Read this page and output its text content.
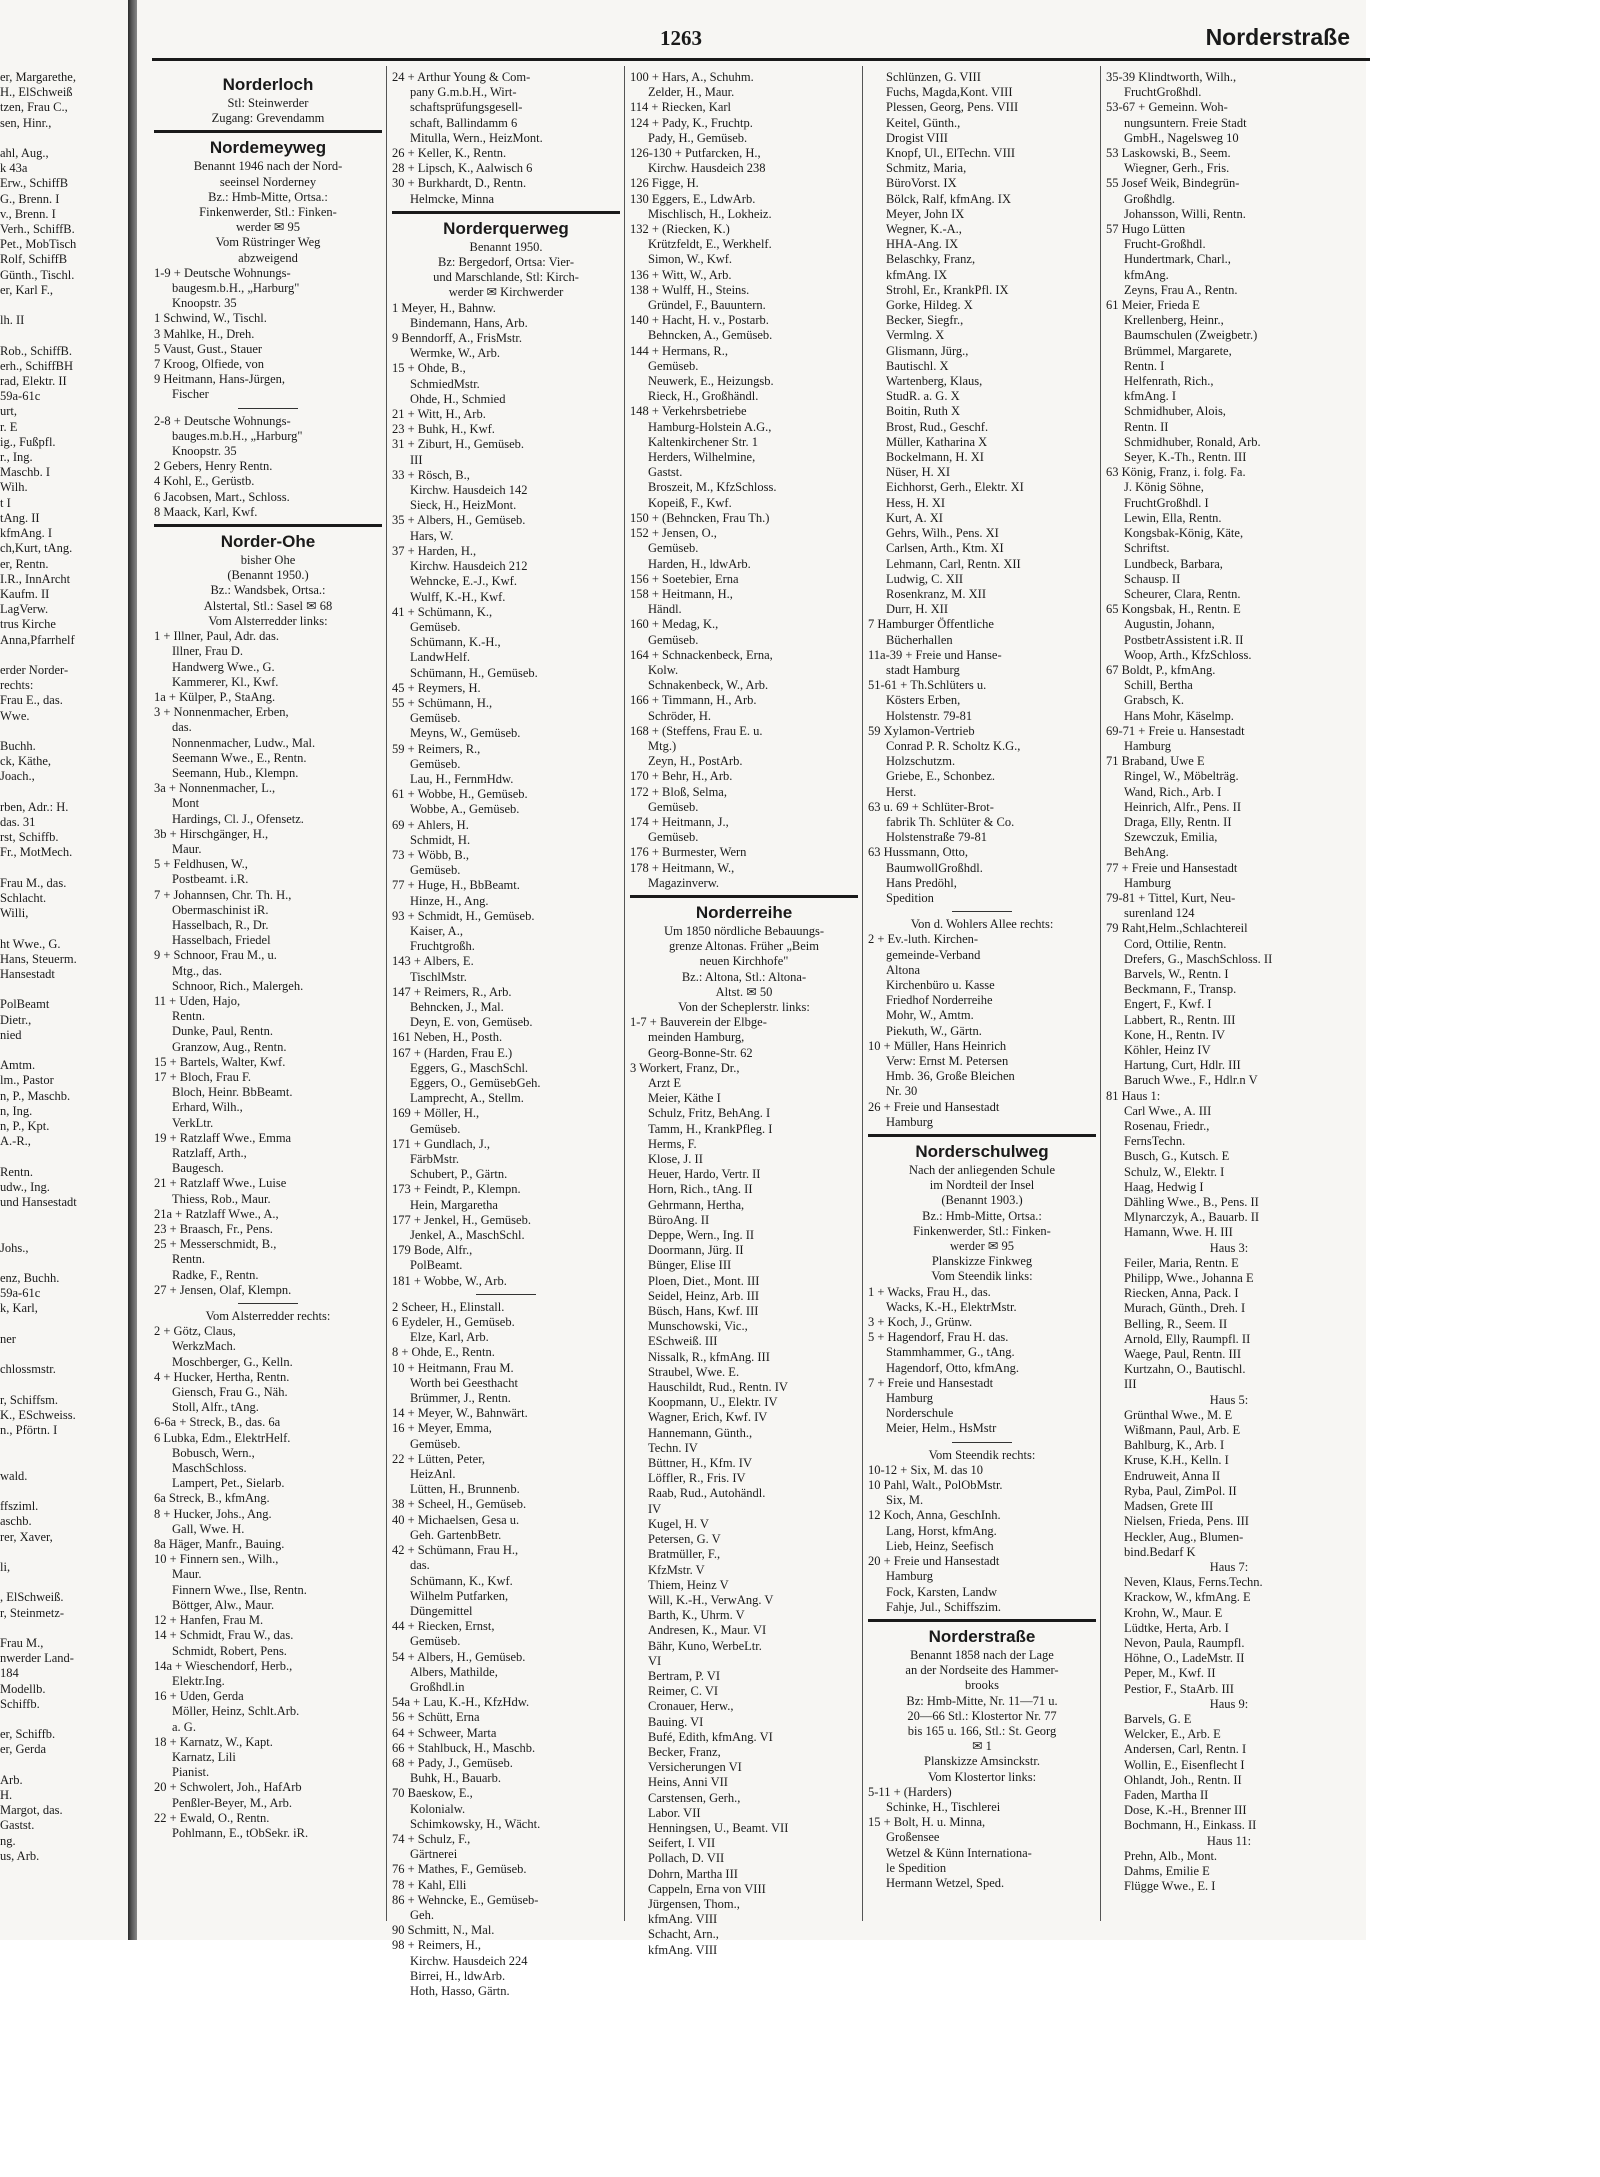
er, Margarethe,
H., ElSchweiß
tzen, Frau C.,
sen, Hinr.,

ahl, Aug.,
k 43a
Erw., SchiffB
G., Brenn. I
v., Brenn. I
Verh., SchiffB.
Pet., MobTisch
Rolf, SchiffB
Günth., Tischl.
er, Karl F.,

lh. II

Rob., SchiffB.
erh., SchiffBH
rad, Elektr. II
59a-61c
urt,
r. E
ig., Fußpfl.
r., Ing.
Maschb. I
Wilh.
t I
tAng. II
kfmAng. I
ch,Kurt, tAng.
er, Rentn.
I.R., InnArcht
Kaufm. II
LagVerw.
trus Kirche
Anna,Pfarrhelf

erder Norder-
rechts:
Frau E., das.
Wwe.

Buchh.
ck, Käthe,
Joach.,

rben, Adr.: H.
das. 31
rst, Schiffb.
Fr., MotMech.

Frau M., das.
Schlacht.
Willi,

ht Wwe., G.
Hans, Steuerm.
Hansestadt

PolBeamt
Dietr.,
nied

Amtm.
lm., Pastor
n, P., Maschb.
n, Ing.
n, P., Kpt.
A.-R.,

Rentn.
udw., Ing.
und Hansestadt

Johs.,

enz, Buchh.
59a-61c
k, Karl,

ner

chlossmstr.

r, Schiffsm.
K., ESchweiss.
n., Pförtn. I

wald.

ffsziml.
aschb.
rer, Xaver,

li,

, ElSchweiß.
r, Steinmetz-

Frau M.,
nwerder Land-
184
Modellb.
Schiffb.

er, Schiffb.
er, Gerda

Arb.
H.
Margot, das.
Gastst.
ng.
us, Arb.
1263	Norderstraße
Norderloch
Stl: Steinwerder
Zugang: Grevendamm
Nordemeyweg
Benannt 1946 nach der Nord-
seeinsel Norderney
Bz.: Hmb-Mitte, Ortsa.:
Finkenwerder, Stl.: Finken-
werder ✉ 95
Vom Rüstringer Weg
abzweigend
1-9 + Deutsche Wohnungs-
baugesm.b.H., „Harburg"
Knoopstr. 35
1 Schwind, W., Tischl.
3 Mahlke, H., Dreh.
5 Vaust, Gust., Stauer
7 Kroog, Olfiede, von
9 Heitmann, Hans-Jürgen,
Fischer
2-8 + Deutsche Wohnungs-
bauges.m.b.H., „Harburg"
Knoopstr. 35
2 Gebers, Henry Rentn.
4 Kohl, E., Gerüstb.
6 Jacobsen, Mart., Schloss.
8 Maack, Karl, Kwf.
Norder-Ohe
bisher Ohe
(Benannt 1950.)
Bz.: Wandsbek, Ortsa.:
Alstertal, Stl.: Sasel ✉ 68
Vom Alsterredder links:
1 + Illner, Paul, Adr. das.
Illner, Frau D.
Handwerg Wwe., G.
Kammerer, Kl., Kwf.
1a + Külper, P., StaAng.
3 + Nonnenmacher, Erben,
das.
Nonnenmacher, Ludw., Mal.
Seemann Wwe., E., Rentn.
Seemann, Hub., Klempn.
3a + Nonnenmacher, L.,
Mont
Hardings, Cl. J., Ofensetz.
3b + Hirschgänger, H.,
Maur.
5 + Feldhusen, W.,
Postbeamt. i.R.
7 + Johannsen, Chr. Th. H.,
Obermaschinist iR.
Hasselbach, R., Dr.
Hasselbach, Friedel
9 + Schnoor, Frau M., u.
Mtg., das.
Schnoor, Rich., Malergeh.
11 + Uden, Hajo,
Rentn.
Dunke, Paul, Rentn.
Granzow, Aug., Rentn.
15 + Bartels, Walter, Kwf.
17 + Bloch, Frau F.
Bloch, Heinr. BbBeamt.
Erhard, Wilh.,
VerkLtr.
19 + Ratzlaff Wwe., Emma
Ratzlaff, Arth.,
Baugesch.
21 + Ratzlaff Wwe., Luise
Thiess, Rob., Maur.
21a + Ratzlaff Wwe., A.,
23 + Braasch, Fr., Pens.
25 + Messerschmidt, B.,
Rentn.
Radke, F., Rentn.
27 + Jensen, Olaf, Klempn.
Vom Alsterredder rechts:
2 + Götz, Claus,
WerkzMach.
Moschberger, G., Kelln.
4 + Hucker, Hertha, Rentn.
Giensch, Frau G., Näh.
Stoll, Alfr., tAng.
6-6a + Streck, B., das. 6a
6 Lubka, Edm., ElektrHelf.
Bobusch, Wern.,
MaschSchloss.
Lampert, Pet., Sielarb.
6a Streck, B., kfmAng.
8 + Hucker, Johs., Ang.
Gall, Wwe. H.
8a Häger, Manfr., Bauing.
10 + Finnern sen., Wilh.,
Maur.
Finnern Wwe., Ilse, Rentn.
Böttger, Alw., Maur.
12 + Hanfen, Frau M.
14 + Schmidt, Frau W., das.
Schmidt, Robert, Pens.
14a + Wieschendorf, Herb.,
Elektr.Ing.
16 + Uden, Gerda
Möller, Heinz, Schlt.Arb.
a. G.
18 + Karnatz, W., Kapt.
Karnatz, Lili
Pianist.
20 + Schwolert, Joh., HafArb
Penßler-Beyer, M., Arb.
22 + Ewald, O., Rentn.
Pohlmann, E., tObSekr. iR.
24 + Arthur Young & Com-
pany G.m.b.H., Wirt-
schaftsprüfungsgesell-
schaft, Ballindamm 6
Mitulla, Wern., HeizMont.
26 + Keller, K., Rentn.
28 + Lipsch, K., Aalwisch 6
30 + Burkhardt, D., Rentn.
Helmcke, Minna
Norderquerweg
Benannt 1950.
Bz: Bergedorf, Ortsa: Vier-
und Marschlande, Stl: Kirch-
werder ✉ Kirchwerder
1 Meyer, H., Bahnw.
Bindemann, Hans, Arb.
9 Benndorff, A., FrisMstr.
Wermke, W., Arb.
15 + Ohde, B.,
SchmiedMstr.
Ohde, H., Schmied
21 + Witt, H., Arb.
23 + Buhk, H., Kwf.
31 + Ziburt, H., Gemüseb.
III
33 + Rösch, B.,
Kirchw. Hausdeich 142
Sieck, H., HeizMont.
35 + Albers, H., Gemüseb.
Hars, W.
37 + Harden, H.,
Kirchw. Hausdeich 212
Wehncke, E.-J., Kwf.
Wulff, K.-H., Kwf.
41 + Schümann, K.,
Gemüseb.
Schümann, K.-H.,
LandwHelf.
Schümann, H., Gemüseb.
45 + Reymers, H.
55 + Schümann, H.,
Gemüseb.
Meyns, W., Gemüseb.
59 + Reimers, R.,
Gemüseb.
Lau, H., FernmHdw.
61 + Wobbe, H., Gemüseb.
Wobbe, A., Gemüseb.
69 + Ahlers, H.
Schmidt, H.
73 + Wöbb, B.,
Gemüseb.
77 + Huge, H., BbBeamt.
Hinze, H., Ang.
93 + Schmidt, H., Gemüseb.
Kaiser, A.,
Fruchtgroßh.
143 + Albers, E.
TischlMstr.
147 + Reimers, R., Arb.
Behncken, J., Mal.
Deyn, E. von, Gemüseb.
161 Neben, H., Posth.
167 + (Harden, Frau E.)
Eggers, G., MaschSchl.
Eggers, O., GemüsebGeh.
Lamprecht, A., Stellm.
169 + Möller, H.,
Gemüseb.
171 + Gundlach, J.,
FärbMstr.
Schubert, P., Gärtn.
173 + Feindt, P., Klempn.
Hein, Margaretha
177 + Jenkel, H., Gemüseb.
Jenkel, A., MaschSchl.
179 Bode, Alfr.,
PolBeamt.
181 + Wobbe, W., Arb.
2 Scheer, H., Elinstall.
6 Eydeler, H., Gemüseb.
Elze, Karl, Arb.
8 + Ohde, E., Rentn.
10 + Heitmann, Frau M.
Worth bei Geesthacht
Brümmer, J., Rentn.
14 + Meyer, W., Bahnwärt.
16 + Meyer, Emma,
Gemüseb.
22 + Lütten, Peter,
HeizAnl.
Lütten, H., Brunnenb.
38 + Scheel, H., Gemüseb.
40 + Michaelsen, Gesa u.
Geh. GartenbBetr.
42 + Schümann, Frau H.,
das.
Schümann, K., Kwf.
Wilhelm Putfarken,
Düngemittel
44 + Riecken, Ernst,
Gemüseb.
54 + Albers, H., Gemüseb.
Albers, Mathilde,
Großhdl.in
54a + Lau, K.-H., KfzHdw.
56 + Schütt, Erna
64 + Schweer, Marta
66 + Stahlbuck, H., Maschb.
68 + Pady, J., Gemüseb.
Buhk, H., Bauarb.
70 Baeskow, E.,
Kolonialw.
Schimkowsky, H., Wächt.
74 + Schulz, F.,
Gärtnerei
76 + Mathes, F., Gemüseb.
78 + Kahl, Elli
86 + Wehncke, E., Gemüseb-
Geh.
90 Schmitt, N., Mal.
98 + Reimers, H.,
Kirchw. Hausdeich 224
Birrei, H., ldwArb.
Hoth, Hasso, Gärtn.
100 + Hars, A., Schuhm.
Zelder, H., Maur.
114 + Riecken, Karl
124 + Pady, K., Fruchtp.
Pady, H., Gemüseb.
126-130 + Putfarcken, H.,
Kirchw. Hausdeich 238
126 Figge, H.
130 Eggers, E., LdwArb.
Mischlisch, H., Lokheiz.
132 + (Riecken, K.)
Krützfeldt, E., Werkhelf.
Simon, W., Kwf.
136 + Witt, W., Arb.
138 + Wulff, H., Steins.
Gründel, F., Bauuntern.
140 + Hacht, H. v., Postarb.
Behncken, A., Gemüseb.
144 + Hermans, R.,
Gemüseb.
Neuwerk, E., Heizungsb.
Rieck, H., Großhändl.
148 + Verkehrsbetriebe
Hamburg-Holstein A.G.,
Kaltenkirchener Str. 1
Herders, Wilhelmine,
Gastst.
Broszeit, M., KfzSchloss.
Kopeiß, F., Kwf.
150 + (Behncken, Frau Th.)
152 + Jensen, O.,
Gemüseb.
Harden, H., ldwArb.
156 + Soetebier, Erna
158 + Heitmann, H.,
Händl.
160 + Medag, K.,
Gemüseb.
164 + Schnackenbeck, Erna,
Kolw.
Schnakenbeck, W., Arb.
166 + Timmann, H., Arb.
Schröder, H.
168 + (Steffens, Frau E. u.
Mtg.)
Zeyn, H., PostArb.
170 + Behr, H., Arb.
172 + Bloß, Selma,
Gemüseb.
174 + Heitmann, J.,
Gemüseb.
176 + Burmester, Wern
178 + Heitmann, W.,
Magazinverw.
Norderreihe
Um 1850 nördliche Bebauungs-
grenze Altonas. Früher „Beim
neuen Kirchhofe"
Bz.: Altona, Stl.: Altona-
Altst. ✉ 50
Von der Scheplerstr. links:
1-7 + Bauverein der Elbge-
meinden Hamburg,
Georg-Bonne-Str. 62
3 Workert, Franz, Dr.,
Arzt E
Meier, Käthe I
Schulz, Fritz, BehAng. I
Tamm, H., KrankPfleg. I
Herms, F.
Klose, J. II
Heuer, Hardo, Vertr. II
Horn, Rich., tAng. II
Gehrmann, Hertha,
BüroAng. II
Deppe, Wern., Ing. II
Doormann, Jürg. II
Bünger, Elise III
Ploen, Diet., Mont. III
Seidel, Heinz, Arb. III
Büsch, Hans, Kwf. III
Munschowski, Vic.,
ESchweiß. III
Nissalk, R., kfmAng. III
Straubel, Wwe. E.
Hauschildt, Rud., Rentn. IV
Koopmann, U., Elektr. IV
Wagner, Erich, Kwf. IV
Hannemann, Günth.,
Techn. IV
Büttner, H., Kfm. IV
Löffler, R., Fris. IV
Raab, Rud., Autohändl.
IV
Kugel, H. V
Petersen, G. V
Bratmüller, F.,
KfzMstr. V
Thiem, Heinz V
Will, K.-H., VerwAng. V
Barth, K., Uhrm. V
Andresen, K., Maur. VI
Bähr, Kuno, WerbeLtr.
VI
Bertram, P. VI
Reimer, C. VI
Cronauer, Herw.,
Bauing. VI
Bufé, Edith, kfmAng. VI
Becker, Franz,
Versicherungen VI
Heins, Anni VII
Carstensen, Gerh.,
Labor. VII
Henningsen, U., Beamt. VII
Seifert, I. VII
Pollach, D. VII
Dohrn, Martha III
Cappeln, Erna von VIII
Jürgensen, Thom.,
kfmAng. VIII
Schacht, Arn.,
kfmAng. VIII
Schlünzen, G. VIII
Fuchs, Magda,Kont. VIII
Plessen, Georg, Pens. VIII
Keitel, Günth.,
Drogist VIII
Knopf, Ul., ElTechn. VIII
Schmitz, Maria,
BüroVorst. IX
Bölck, Ralf, kfmAng. IX
Meyer, John IX
Wegner, K.-A.,
HHA-Ang. IX
Belaschky, Franz,
kfmAng. IX
Strohl, Er., KrankPfl. IX
Gorke, Hildeg. X
Becker, Siegfr.,
Vermlng. X
Glismann, Jürg.,
Bautischl. X
Wartenberg, Klaus,
StudR. a. G. X
Boitin, Ruth X
Brost, Rud., Geschf.
Müller, Katharina X
Bockelmann, H. XI
Nüser, H. XI
Eichhorst, Gerh., Elektr. XI
Hess, H. XI
Kurt, A. XI
Gehrs, Wilh., Pens. XI
Carlsen, Arth., Ktm. XI
Lehmann, Carl, Rentn. XII
Ludwig, C. XII
Rosenkranz, M. XII
Durr, H. XII
7 Hamburger Öffentliche
Bücherhallen
11a-39 + Freie und Hanse-
stadt Hamburg
51-61 + Th.Schlüters u.
Kösters Erben,
Holstenstr. 79-81
59 Xylamon-Vertrieb
Conrad P. R. Scholtz K.G.,
Holzschutzm.
Griebe, E., Schonbez.
Herst.
63 u. 69 + Schlüter-Brot-
fabrik Th. Schlüter & Co.
Holstenstraße 79-81
63 Hussmann, Otto,
BaumwollGroßhdl.
Hans Predöhl,
Spedition
Von d. Wohlers Allee rechts:
2 + Ev.-luth. Kirchen-
gemeinde-Verband
Altona
Kirchenbüro u. Kasse
Friedhof Norderreihe
Mohr, W., Amtm.
Piekuth, W., Gärtn.
10 + Müller, Hans Heinrich
Verw: Ernst M. Petersen
Hmb. 36, Große Bleichen
Nr. 30
26 + Freie und Hansestadt
Hamburg
Norderschulweg
Nach der anliegenden Schule
im Nordteil der Insel
(Benannt 1903.)
Bz.: Hmb-Mitte, Ortsa.:
Finkenwerder, Stl.: Finken-
werder ✉ 95
Planskizze Finkweg
Vom Steendik links:
1 + Wacks, Frau H., das.
Wacks, K.-H., ElektrMstr.
3 + Koch, J., Grünw.
5 + Hagendorf, Frau H. das.
Stammhammer, G., tAng.
Hagendorf, Otto, kfmAng.
7 + Freie und Hansestadt
Hamburg
Norderschule
Meier, Helm., HsMstr
Vom Steendik rechts:
10-12 + Six, M. das 10
10 Pahl, Walt., PolObMstr.
Six, M.
12 Koch, Anna, GeschInh.
Lang, Horst, kfmAng.
Lieb, Heinz, Seefisch
20 + Freie und Hansestadt
Hamburg
Fock, Karsten, Landw
Fahje, Jul., Schiffszim.
Norderstraße
Benannt 1858 nach der Lage
an der Nordseite des Hammer-
brooks
Bz: Hmb-Mitte, Nr. 11—71 u.
20—66 Stl.: Klostertor Nr. 77
bis 165 u. 166, Stl.: St. Georg
✉ 1
Planskizze Amsinckstr.
Vom Klostertor links:
5-11 + (Harders)
Schinke, H., Tischlerei
15 + Bolt, H. u. Minna,
Großensee
Wetzel & Künn Internationa-
le Spedition
Hermann Wetzel, Sped.
35-39 Klindtworth, Wilh.,
FruchtGroßhdl.
53-67 + Gemeinn. Woh-
nungsuntern. Freie Stadt
GmbH., Nagelsweg 10
53 Laskowski, B., Seem.
Wiegner, Gerh., Fris.
55 Josef Weik, Bindegrün-
Großhdlg.
Johansson, Willi, Rentn.
57 Hugo Lütten
Frucht-Großhdl.
Hundertmark, Charl.,
kfmAng.
Zeyns, Frau A., Rentn.
61 Meier, Frieda E
Krellenberg, Heinr.,
Baumschulen (Zweigbetr.)
Brümmel, Margarete,
Rentn. I
Helfenrath, Rich.,
kfmAng. I
Schmidhuber, Alois,
Rentn. II
Schmidhuber, Ronald, Arb.
Seyer, K.-Th., Rentn. III
63 König, Franz, i. folg. Fa.
J. König Söhne,
FruchtGroßhdl. I
Lewin, Ella, Rentn.
Kongsbak-König, Käte,
Schriftst.
Lundbeck, Barbara,
Schausp. II
Scheurer, Clara, Rentn.
65 Kongsbak, H., Rentn. E
Augustin, Johann,
PostbetrAssistent i.R. II
Woop, Arth., KfzSchloss.
67 Boldt, P., kfmAng.
Schill, Bertha
Grabsch, K.
Hans Mohr, Käselmp.
69-71 + Freie u. Hansestadt
Hamburg
71 Braband, Uwe E
Ringel, W., Möbelträg.
Wand, Rich., Arb. I
Heinrich, Alfr., Pens. II
Draga, Elly, Rentn. II
Szewczuk, Emilia,
BehAng.
77 + Freie und Hansestadt
Hamburg
79-81 + Tittel, Kurt, Neu-
surenland 124
79 Raht,Helm.,Schlachtereil
Cord, Ottilie, Rentn.
Drefers, G., MaschSchloss. II
Barvels, W., Rentn. I
Beckmann, F., Transp.
Engert, F., Kwf. I
Labbert, R., Rentn. III
Kone, H., Rentn. IV
Köhler, Heinz IV
Hartung, Curt, Hdlr. III
Baruch Wwe., F., Hdlr.n V
81 Haus 1:
Carl Wwe., A. III
Rosenau, Friedr.,
FernsTechn.
Busch, G., Kutsch. E
Schulz, W., Elektr. I
Haag, Hedwig I
Dähling Wwe., B., Pens. II
Mlynarczyk, A., Bauarb. II
Hamann, Wwe. H. III
Haus 3:
Feiler, Maria, Rentn. E
Philipp, Wwe., Johanna E
Riecken, Anna, Pack. I
Murach, Günth., Dreh. I
Belling, R., Seem. II
Arnold, Elly, Raumpfl. II
Waege, Paul, Rentn. III
Kurtzahn, O., Bautischl.
III
Haus 5:
Grünthal Wwe., M. E
Wißmann, Paul, Arb. E
Bahlburg, K., Arb. I
Kruse, K.H., Kelln. I
Endruweit, Anna II
Ryba, Paul, ZimPol. II
Madsen, Grete III
Nielsen, Frieda, Pens. III
Heckler, Aug., Blumen-
bind.Bedarf K
Haus 7:
Neven, Klaus, Ferns.Techn.
Krackow, W., kfmAng. E
Krohn, W., Maur. E
Lüdtke, Herta, Arb. I
Nevon, Paula, Raumpfl.
Höhne, O., LadeMstr. II
Peper, M., Kwf. II
Pestior, F., StaArb. III
Haus 9:
Barvels, G. E
Welcker, E., Arb. E
Andersen, Carl, Rentn. I
Wollin, E., Eisenflecht I
Ohlandt, Joh., Rentn. II
Faden, Martha II
Dose, K.-H., Brenner III
Bochmann, H., Einkass. II
Haus 11:
Prehn, Alb., Mont.
Dahms, Emilie E
Flügge Wwe., E. I
